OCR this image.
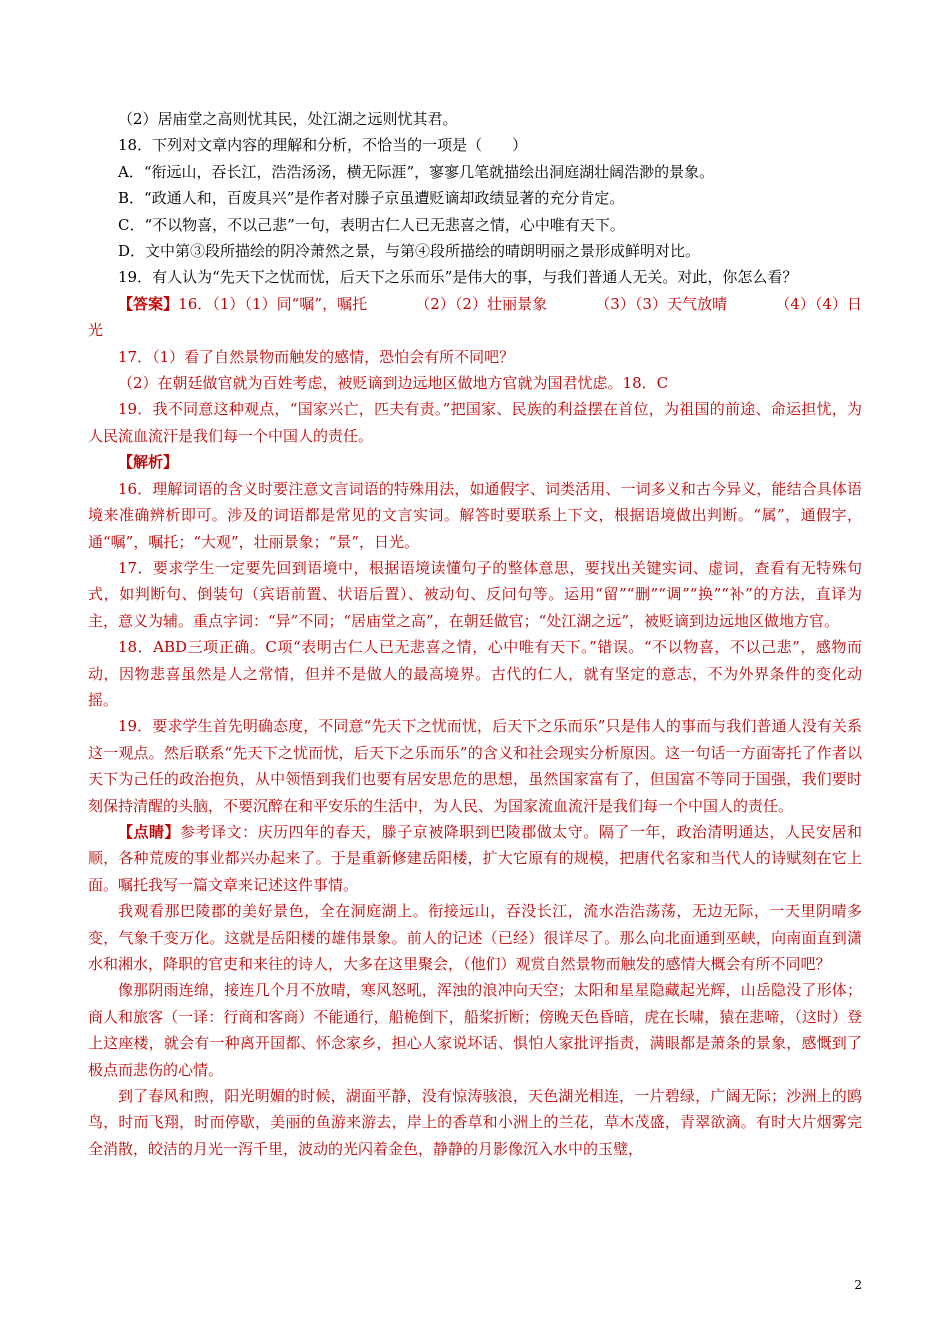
（2）居庙堂之高则忧其民，处江湖之远则忧其君。

18．下列对文章内容的理解和分析，不恰当的一项是（　　）

A．“衔远山，吞长江，浩浩汤汤，横无际涯”，寥寥几笔就描绘出洞庭湖壮阔浩渺的景象。

B．“政通人和，百废具兴”是作者对滕子京虽遭贬谪却政绩显著的充分肯定。

C．“不以物喜，不以己悲”一句，表明古仁人已无悲喜之情，心中唯有天下。

D．文中第③段所描绘的阴冷萧然之景，与第④段所描绘的晴朗明丽之景形成鲜明对比。

19．有人认为“先天下之忧而忧，后天下之乐而乐”是伟大的事，与我们普通人无关。对此，你怎么看？

【答案】16．（1）（1）同“嘱”，嘱托	（2）（2）壮丽景象	（3）（3）天气放晴	（4）（4）日光

17．（1）看了自然景物而触发的感情，恐怕会有所不同吧？

（2）在朝廷做官就为百姓考虑，被贬谪到边远地区做地方官就为国君忧虑。18．C

19．我不同意这种观点，“国家兴亡，匹夫有责。”把国家、民族的利益摆在首位，为祖国的前途、命运担忧，为人民流血流汗是我们每一个中国人的责任。

【解析】

16．理解词语的含义时要注意文言词语的特殊用法，如通假字、词类活用、一词多义和古今异义，能结合具体语境来准确辨析即可。涉及的词语都是常见的文言实词。解答时要联系上下文，根据语境做出判断。“属”，通假字，通“嘱”，嘱托；“大观”，壮丽景象；“景”，日光。

17．要求学生一定要先回到语境中，根据语境读懂句子的整体意思，要找出关键实词、虚词，查看有无特殊句式，如判断句、倒装句（宾语前置、状语后置）、被动句、反问句等。运用“留”“删”“调”“换”“补”的方法，直译为主，意义为辅。重点字词：“异”不同；“居庙堂之高”，在朝廷做官；“处江湖之远”，被贬谪到边远地区做地方官。

18．ABD三项正确。C项“表明古仁人已无悲喜之情，心中唯有天下。”错误。“不以物喜，不以己悲”，感物而动，因物悲喜虽然是人之常情，但并不是做人的最高境界。古代的仁人，就有坚定的意志，不为外界条件的变化动摇。

19．要求学生首先明确态度，不同意“先天下之忧而忧，后天下之乐而乐”只是伟人的事而与我们普通人没有关系这一观点。然后联系“先天下之忧而忧，后天下之乐而乐”的含义和社会现实分析原因。这一句话一方面寄托了作者以天下为己任的政治抱负，从中领悟到我们也要有居安思危的思想，虽然国家富有了，但国富不等同于国强，我们要时刻保持清醒的头脑，不要沉醉在和平安乐的生活中，为人民、为国家流血流汗是我们每一个中国人的责任。

【点睛】参考译文：庆历四年的春天，滕子京被降职到巴陵郡做太守。隔了一年，政治清明通达，人民安居和顺，各种荒废的事业都兴办起来了。于是重新修建岳阳楼，扩大它原有的规模，把唐代名家和当代人的诗赋刻在它上面。嘱托我写一篇文章来记述这件事情。

我观看那巴陵郡的美好景色，全在洞庭湖上。衔接远山，吞没长江，流水浩浩荡荡，无边无际，一天里阴晴多变，气象千变万化。这就是岳阳楼的雄伟景象。前人的记述（已经）很详尽了。那么向北面通到巫峡，向南面直到潇水和湘水，降职的官吏和来往的诗人，大多在这里聚会，（他们）观赏自然景物而触发的感情大概会有所不同吧？

像那阴雨连绵，接连几个月不放晴，寒风怒吼，浑浊的浪冲向天空；太阳和星星隐藏起光辉，山岳隐没了形体；商人和旅客（一译：行商和客商）不能通行，船桅倒下，船桨折断；傍晚天色昏暗，虎在长啸，猿在悲啼，（这时）登上这座楼，就会有一种离开国都、怀念家乡，担心人家说坏话、惧怕人家批评指责，满眼都是萧条的景象，感慨到了极点而悲伤的心情。

到了春风和煦，阳光明媚的时候，湖面平静，没有惊涛骇浪，天色湖光相连，一片碧绿，广阔无际；沙洲上的鸥鸟，时而飞翔，时而停歇，美丽的鱼游来游去，岸上的香草和小洲上的兰花，草木茂盛，青翠欲滴。有时大片烟雾完全消散，皎洁的月光一泻千里，波动的光闪着金色，静静的月影像沉入水中的玉璧，

2
